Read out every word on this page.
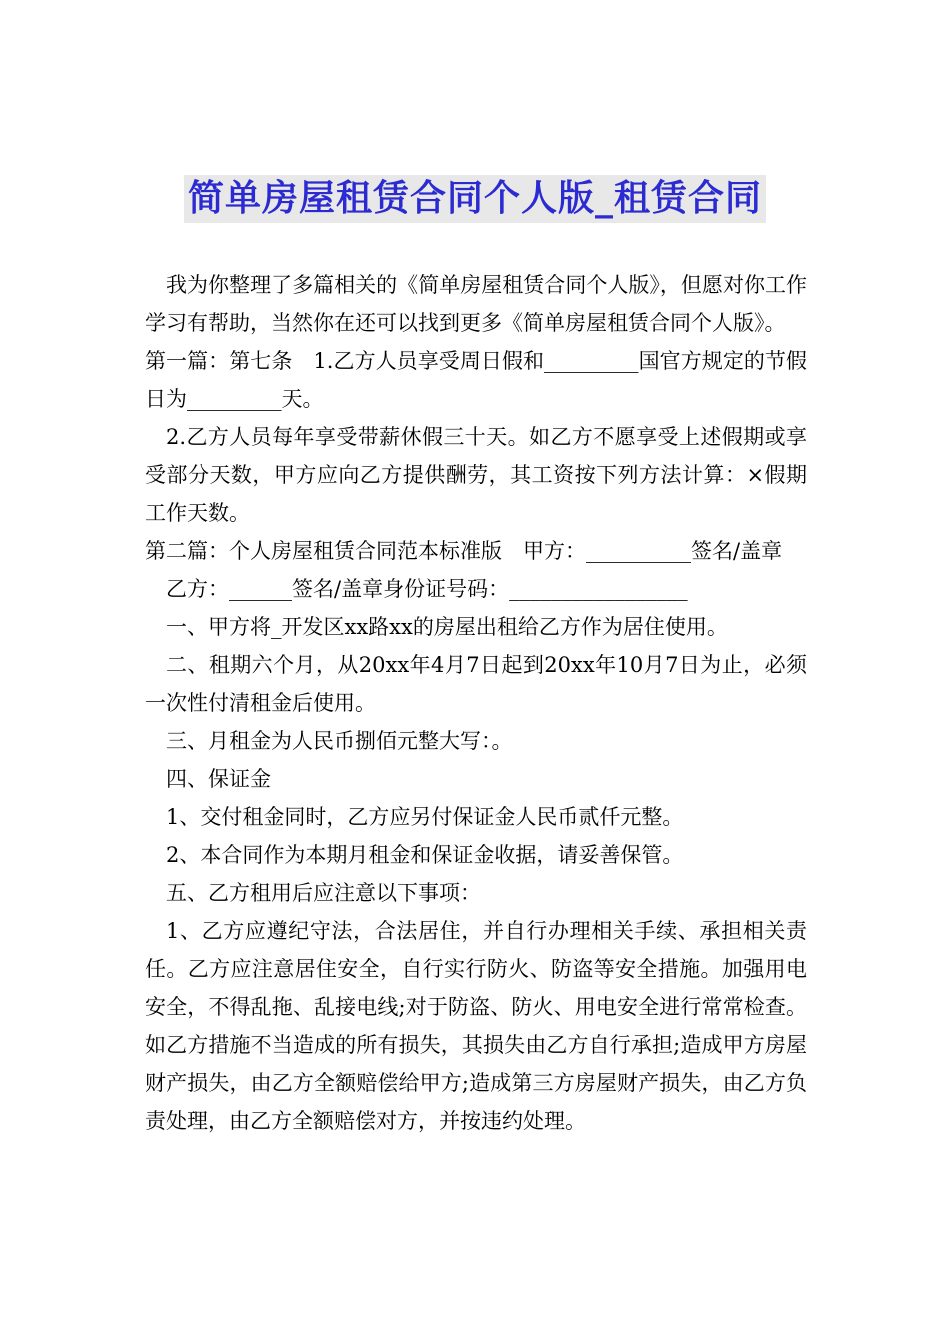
简单房屋租赁合同个人版_租赁合同

我为你整理了多篇相关的《简单房屋租赁合同个人版》，但愿对你工作学习有帮助，当然你在还可以找到更多《简单房屋租赁合同个人版》。

第一篇：第七条　1.乙方人员享受周日假和_________国官方规定的节假日为_________天。

2.乙方人员每年享受带薪休假三十天。如乙方不愿享受上述假期或享受部分天数，甲方应向乙方提供酬劳，其工资按下列方法计算：×假期工作天数。

第二篇：个人房屋租赁合同范本标准版　甲方：__________签名/盖章

乙方：______签名/盖章身份证号码：_________________

一、甲方将_开发区xx路xx的房屋出租给乙方作为居住使用。

二、租期六个月，从20xx年4月7日起到20xx年10月7日为止，必须一次性付清租金后使用。

三、月租金为人民币捌佰元整大写：。

四、保证金

1、交付租金同时，乙方应另付保证金人民币贰仟元整。

2、本合同作为本期月租金和保证金收据，请妥善保管。

五、乙方租用后应注意以下事项：

1、乙方应遵纪守法，合法居住，并自行办理相关手续、承担相关责任。乙方应注意居住安全，自行实行防火、防盗等安全措施。加强用电安全，不得乱拖、乱接电线;对于防盗、防火、用电安全进行常常检查。如乙方措施不当造成的所有损失，其损失由乙方自行承担;造成甲方房屋财产损失，由乙方全额赔偿给甲方;造成第三方房屋财产损失，由乙方负责处理，由乙方全额赔偿对方，并按违约处理。
